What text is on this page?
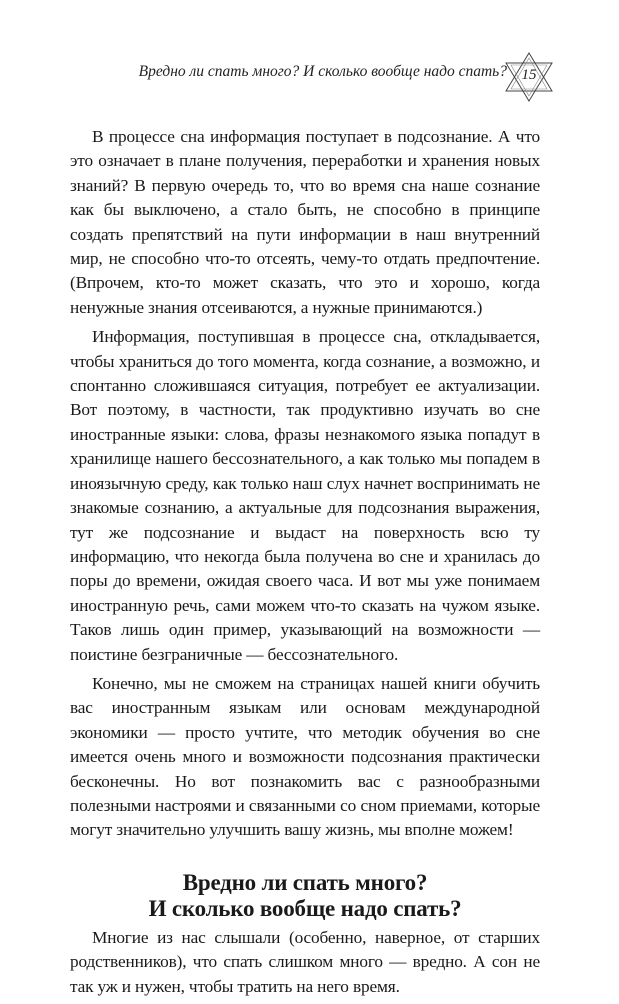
Вредно ли спать много? И сколько вообще надо спать? 15

В процессе сна информация поступает в подсознание. А что это означает в плане получения, переработки и хранения новых знаний? В первую очередь то, что во время сна наше сознание как бы выключено, а стало быть, не способно в принципе создать препятствий на пути информации в наш внутренний мир, не способно что-то отсеять, чему-то отдать предпочтение. (Впрочем, кто-то может сказать, что это и хорошо, когда ненужные знания отсеиваются, а нужные принимаются.)

Информация, поступившая в процессе сна, откладывается, чтобы храниться до того момента, когда сознание, а возможно, и спонтанно сложившаяся ситуация, потребует ее актуализации. Вот поэтому, в частности, так продуктивно изучать во сне иностранные языки: слова, фразы незнакомого языка попадут в хранилище нашего бессознательного, а как только мы попадем в иноязычную среду, как только наш слух начнет воспринимать не знакомые сознанию, а актуальные для подсознания выражения, тут же подсознание и выдаст на поверхность всю ту информацию, что некогда была получена во сне и хранилась до поры до времени, ожидая своего часа. И вот мы уже понимаем иностранную речь, сами можем что-то сказать на чужом языке. Таков лишь один пример, указывающий на возможности — поистине безграничные — бессознательного.

Конечно, мы не сможем на страницах нашей книги обучить вас иностранным языкам или основам международной экономики — просто учтите, что методик обучения во сне имеется очень много и возможности подсознания практически бесконечны. Но вот познакомить вас с разнообразными полезными настроями и связанными со сном приемами, которые могут значительно улучшить вашу жизнь, мы вполне можем!

Вредно ли спать много?
И сколько вообще надо спать?

Многие из нас слышали (особенно, наверное, от старших родственников), что спать слишком много — вредно. А сон не так уж и нужен, чтобы тратить на него время.
